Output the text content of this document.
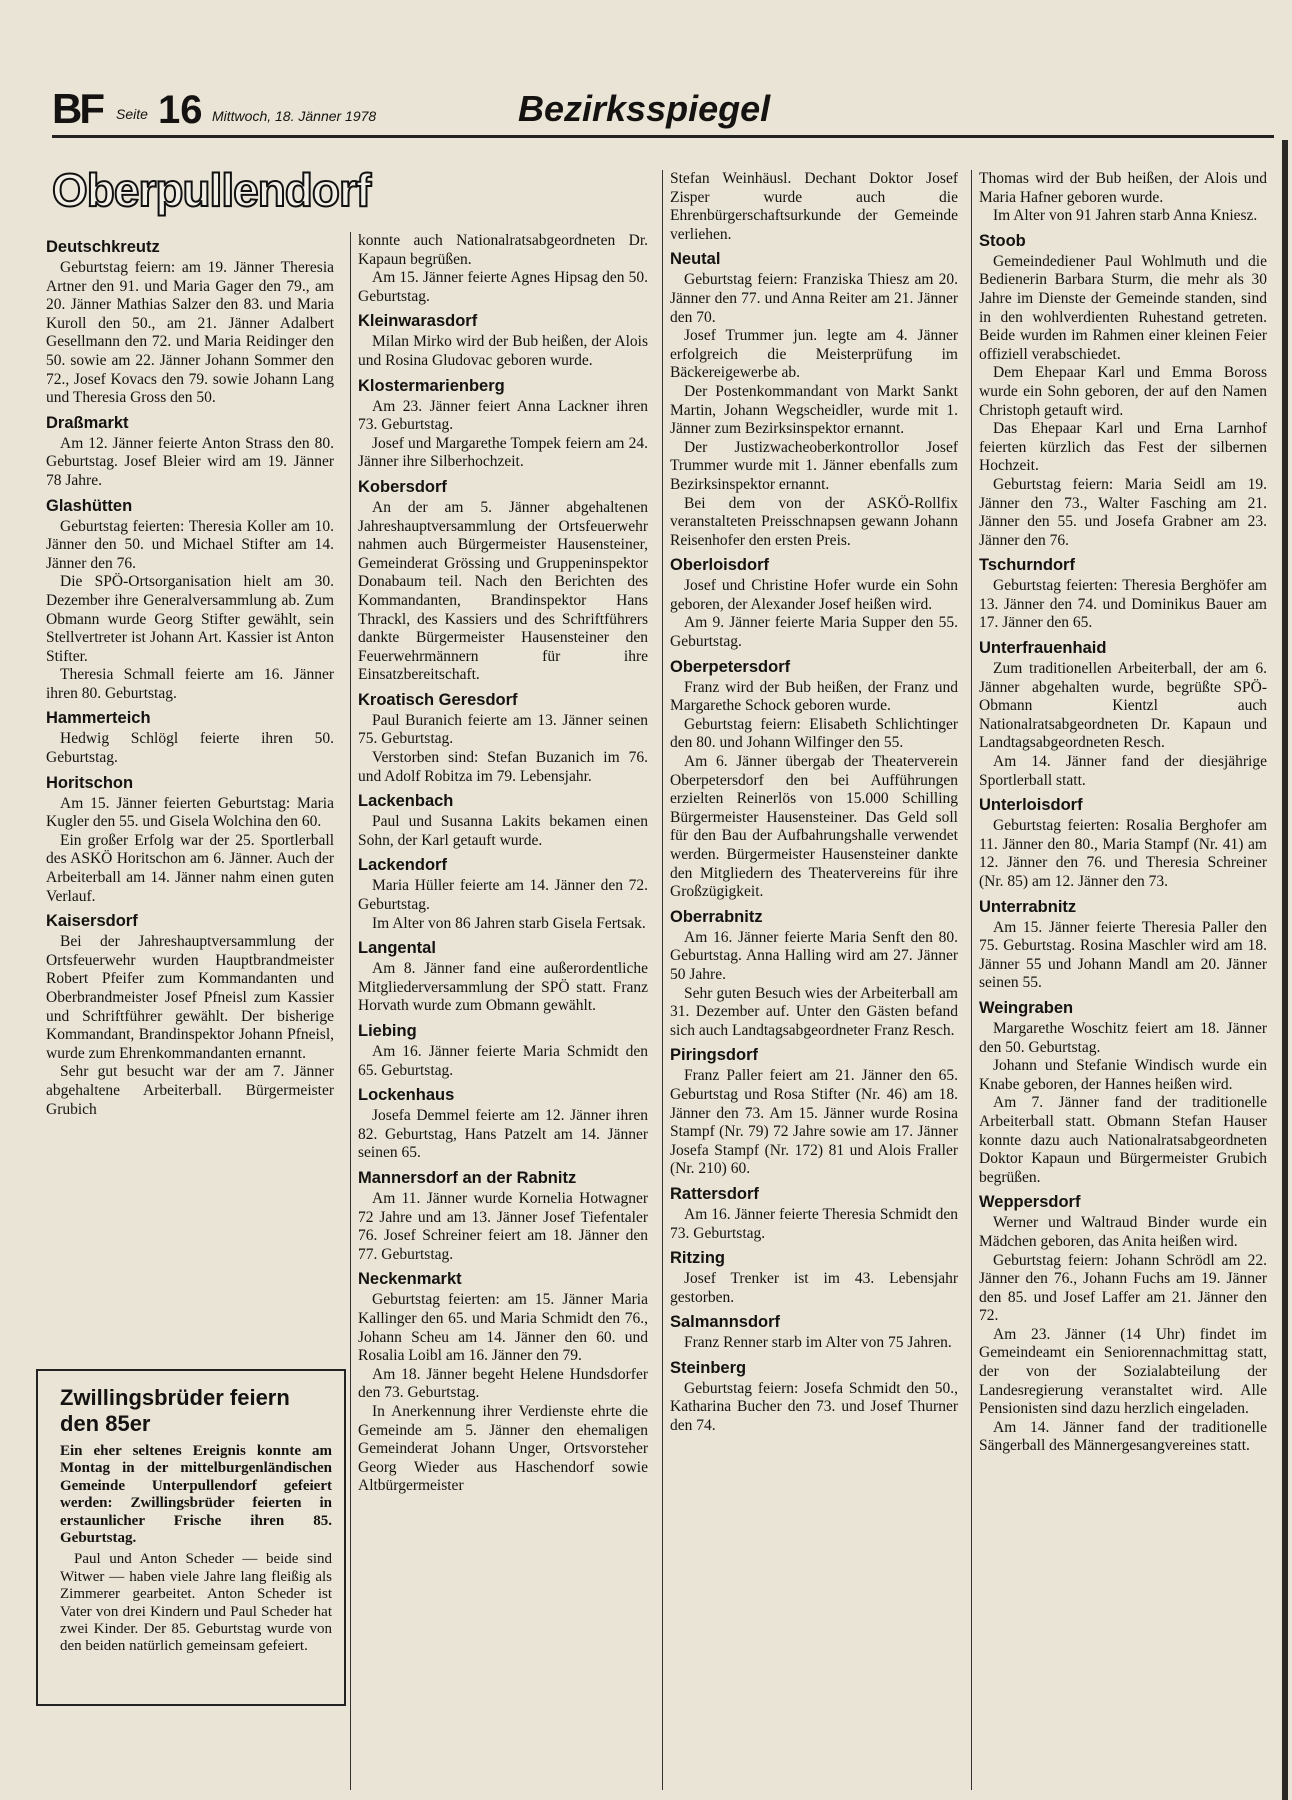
BF Seite 16 Mittwoch, 18. Jänner 1978	Bezirksspiegel
Oberpullendorf
Deutschkreutz

Geburtstag feiern: am 19. Jänner Theresia Artner den 91. und Maria Gager den 79., am 20. Jänner Mathias Salzer den 83. und Maria Kuroll den 50., am 21. Jänner Adalbert Gesellmann den 72. und Maria Reidinger den 50. sowie am 22. Jänner Johann Sommer den 72., Josef Kovacs den 79. sowie Johann Lang und Theresia Gross den 50.

Draßmarkt

Am 12. Jänner feierte Anton Strass den 80. Geburtstag. Josef Bleier wird am 19. Jänner 78 Jahre.

Glashütten

Geburtstag feierten: Theresia Koller am 10. Jänner den 50. und Michael Stifter am 14. Jänner den 76.

Die SPÖ-Ortsorganisation hielt am 30. Dezember ihre Generalversammlung ab. Zum Obmann wurde Georg Stifter gewählt, sein Stellvertreter ist Johann Art. Kassier ist Anton Stifter.

Theresia Schmall feierte am 16. Jänner ihren 80. Geburtstag.

Hammerteich

Hedwig Schlögl feierte ihren 50. Geburtstag.

Horitschon

Am 15. Jänner feierten Geburtstag: Maria Kugler den 55. und Gisela Wolchina den 60.

Ein großer Erfolg war der 25. Sportlerball des ASKÖ Horitschon am 6. Jänner. Auch der Arbeiterball am 14. Jänner nahm einen guten Verlauf.

Kaisersdorf

Bei der Jahreshauptversammlung der Ortsfeuerwehr wurden Hauptbrandmeister Robert Pfeifer zum Kommandanten und Oberbrandmeister Josef Pfneisl zum Kassier und Schriftführer gewählt. Der bisherige Kommandant, Brandinspektor Johann Pfneisl, wurde zum Ehrenkommandanten ernannt.

Sehr gut besucht war der am 7. Jänner abgehaltene Arbeiterball. Bürgermeister Grubich

konnte auch Nationalratsabgeordneten Dr. Kapaun begrüßen.

Am 15. Jänner feierte Agnes Hipsag den 50. Geburtstag.

Kleinwarasdorf

Milan Mirko wird der Bub heißen, der Alois und Rosina Gludovac geboren wurde.

Klostermarienberg

Am 23. Jänner feiert Anna Lackner ihren 73. Geburtstag.

Josef und Margarethe Tompek feiern am 24. Jänner ihre Silberhochzeit.

Kobersdorf

An der am 5. Jänner abgehaltenen Jahreshauptversammlung der Ortsfeuerwehr nahmen auch Bürgermeister Hausensteiner, Gemeinderat Grössing und Gruppeninspektor Donabaum teil. Nach den Berichten des Kommandanten, Brandinspektor Hans Thrackl, des Kassiers und des Schriftführers dankte Bürgermeister Hausensteiner den Feuerwehrmännern für ihre Einsatzbereitschaft.

Kroatisch Geresdorf

Paul Buranich feierte am 13. Jänner seinen 75. Geburtstag.

Verstorben sind: Stefan Buzanich im 76. und Adolf Robitza im 79. Lebensjahr.

Lackenbach

Paul und Susanna Lakits bekamen einen Sohn, der Karl getauft wurde.

Lackendorf

Maria Hüller feierte am 14. Jänner den 72. Geburtstag.

Im Alter von 86 Jahren starb Gisela Fertsak.

Langental

Am 8. Jänner fand eine außerordentliche Mitgliederversammlung der SPÖ statt. Franz Horvath wurde zum Obmann gewählt.

Liebing

Am 16. Jänner feierte Maria Schmidt den 65. Geburtstag.

Lockenhaus

Josefa Demmel feierte am 12. Jänner ihren 82. Geburtstag, Hans Patzelt am 14. Jänner seinen 65.

Mannersdorf an der Rabnitz

Am 11. Jänner wurde Kornelia Hotwagner 72 Jahre und am 13. Jänner Josef Tiefentaler 76. Josef Schreiner feiert am 18. Jänner den 77. Geburtstag.

Neckenmarkt

Geburtstag feierten: am 15. Jänner Maria Kallinger den 65. und Maria Schmidt den 76., Johann Scheu am 14. Jänner den 60. und Rosalia Loibl am 16. Jänner den 79.

Am 18. Jänner begeht Helene Hundsdorfer den 73. Geburtstag.

In Anerkennung ihrer Verdienste ehrte die Gemeinde am 5. Jänner den ehemaligen Gemeinderat Johann Unger, Ortsvorsteher Georg Wieder aus Haschendorf sowie Altbürgermeister

Stefan Weinhäusl. Dechant Doktor Josef Zisper wurde auch die Ehrenbürgerschaftsurkunde der Gemeinde verliehen.

Neutal

Geburtstag feiern: Franziska Thiesz am 20. Jänner den 77. und Anna Reiter am 21. Jänner den 70.

Josef Trummer jun. legte am 4. Jänner erfolgreich die Meisterprüfung im Bäckereigewerbe ab.

Der Postenkommandant von Markt Sankt Martin, Johann Wegscheidler, wurde mit 1. Jänner zum Bezirksinspektor ernannt.

Der Justizwacheoberkontrollor Josef Trummer wurde mit 1. Jänner ebenfalls zum Bezirksinspektor ernannt.

Bei dem von der ASKÖ-Rollfix veranstalteten Preisschnapsen gewann Johann Reisenhofer den ersten Preis.

Oberloisdorf

Josef und Christine Hofer wurde ein Sohn geboren, der Alexander Josef heißen wird.

Am 9. Jänner feierte Maria Supper den 55. Geburtstag.

Oberpetersdorf

Franz wird der Bub heißen, der Franz und Margarethe Schock geboren wurde.

Geburtstag feiern: Elisabeth Schlichtinger den 80. und Johann Wilfinger den 55.

Am 6. Jänner übergab der Theaterverein Oberpetersdorf den bei Aufführungen erzielten Reinerlös von 15.000 Schilling Bürgermeister Hausensteiner. Das Geld soll für den Bau der Aufbahrungshalle verwendet werden. Bürgermeister Hausensteiner dankte den Mitgliedern des Theatervereins für ihre Großzügigkeit.

Oberrabnitz

Am 16. Jänner feierte Maria Senft den 80. Geburtstag. Anna Halling wird am 27. Jänner 50 Jahre.

Sehr guten Besuch wies der Arbeiterball am 31. Dezember auf. Unter den Gästen befand sich auch Landtagsabgeordneter Franz Resch.

Piringsdorf

Franz Paller feiert am 21. Jänner den 65. Geburtstag und Rosa Stifter (Nr. 46) am 18. Jänner den 73. Am 15. Jänner wurde Rosina Stampf (Nr. 79) 72 Jahre sowie am 17. Jänner Josefa Stampf (Nr. 172) 81 und Alois Fraller (Nr. 210) 60.

Rattersdorf

Am 16. Jänner feierte Theresia Schmidt den 73. Geburtstag.

Ritzing

Josef Trenker ist im 43. Lebensjahr gestorben.

Salmannsdorf

Franz Renner starb im Alter von 75 Jahren.

Steinberg

Geburtstag feiern: Josefa Schmidt den 50., Katharina Bucher den 73. und Josef Thurner den 74.

Thomas wird der Bub heißen, der Alois und Maria Hafner geboren wurde.

Im Alter von 91 Jahren starb Anna Kniesz.

Stoob

Gemeindediener Paul Wohlmuth und die Bedienerin Barbara Sturm, die mehr als 30 Jahre im Dienste der Gemeinde standen, sind in den wohlverdienten Ruhestand getreten. Beide wurden im Rahmen einer kleinen Feier offiziell verabschiedet.

Dem Ehepaar Karl und Emma Boross wurde ein Sohn geboren, der auf den Namen Christoph getauft wird.

Das Ehepaar Karl und Erna Larnhof feierten kürzlich das Fest der silbernen Hochzeit.

Geburtstag feiern: Maria Seidl am 19. Jänner den 73., Walter Fasching am 21. Jänner den 55. und Josefa Grabner am 23. Jänner den 76.

Tschurndorf

Geburtstag feierten: Theresia Berghöfer am 13. Jänner den 74. und Dominikus Bauer am 17. Jänner den 65.

Unterfrauenhaid

Zum traditionellen Arbeiterball, der am 6. Jänner abgehalten wurde, begrüßte SPÖ-Obmann Kientzl auch Nationalratsabgeordneten Dr. Kapaun und Landtagsabgeordneten Resch.

Am 14. Jänner fand der diesjährige Sportlerball statt.

Unterloisdorf

Geburtstag feierten: Rosalia Berghofer am 11. Jänner den 80., Maria Stampf (Nr. 41) am 12. Jänner den 76. und Theresia Schreiner (Nr. 85) am 12. Jänner den 73.

Unterrabnitz

Am 15. Jänner feierte Theresia Paller den 75. Geburtstag. Rosina Maschler wird am 18. Jänner 55 und Johann Mandl am 20. Jänner seinen 55.

Weingraben

Margarethe Woschitz feiert am 18. Jänner den 50. Geburtstag.

Johann und Stefanie Windisch wurde ein Knabe geboren, der Hannes heißen wird.

Am 7. Jänner fand der traditionelle Arbeiterball statt. Obmann Stefan Hauser konnte dazu auch Nationalratsabgeordneten Doktor Kapaun und Bürgermeister Grubich begrüßen.

Weppersdorf

Werner und Waltraud Binder wurde ein Mädchen geboren, das Anita heißen wird.

Geburtstag feiern: Johann Schrödl am 22. Jänner den 76., Johann Fuchs am 19. Jänner den 85. und Josef Laffer am 21. Jänner den 72.

Am 23. Jänner (14 Uhr) findet im Gemeindeamt ein Seniorennachmittag statt, der von der Sozialabteilung der Landesregierung veranstaltet wird. Alle Pensionisten sind dazu herzlich eingeladen.

Am 14. Jänner fand der traditionelle Sängerball des Männergesangvereines statt.

Zwillingsbrüder feiern den 85er

Ein eher seltenes Ereignis konnte am Montag in der mittelburgenländischen Gemeinde Unterpullendorf gefeiert werden: Zwillingsbrüder feierten in erstaunlicher Frische ihren 85. Geburtstag.

Paul und Anton Scheder — beide sind Witwer — haben viele Jahre lang fleißig als Zimmerer gearbeitet. Anton Scheder ist Vater von drei Kindern und Paul Scheder hat zwei Kinder. Der 85. Geburtstag wurde von den beiden natürlich gemeinsam gefeiert.
